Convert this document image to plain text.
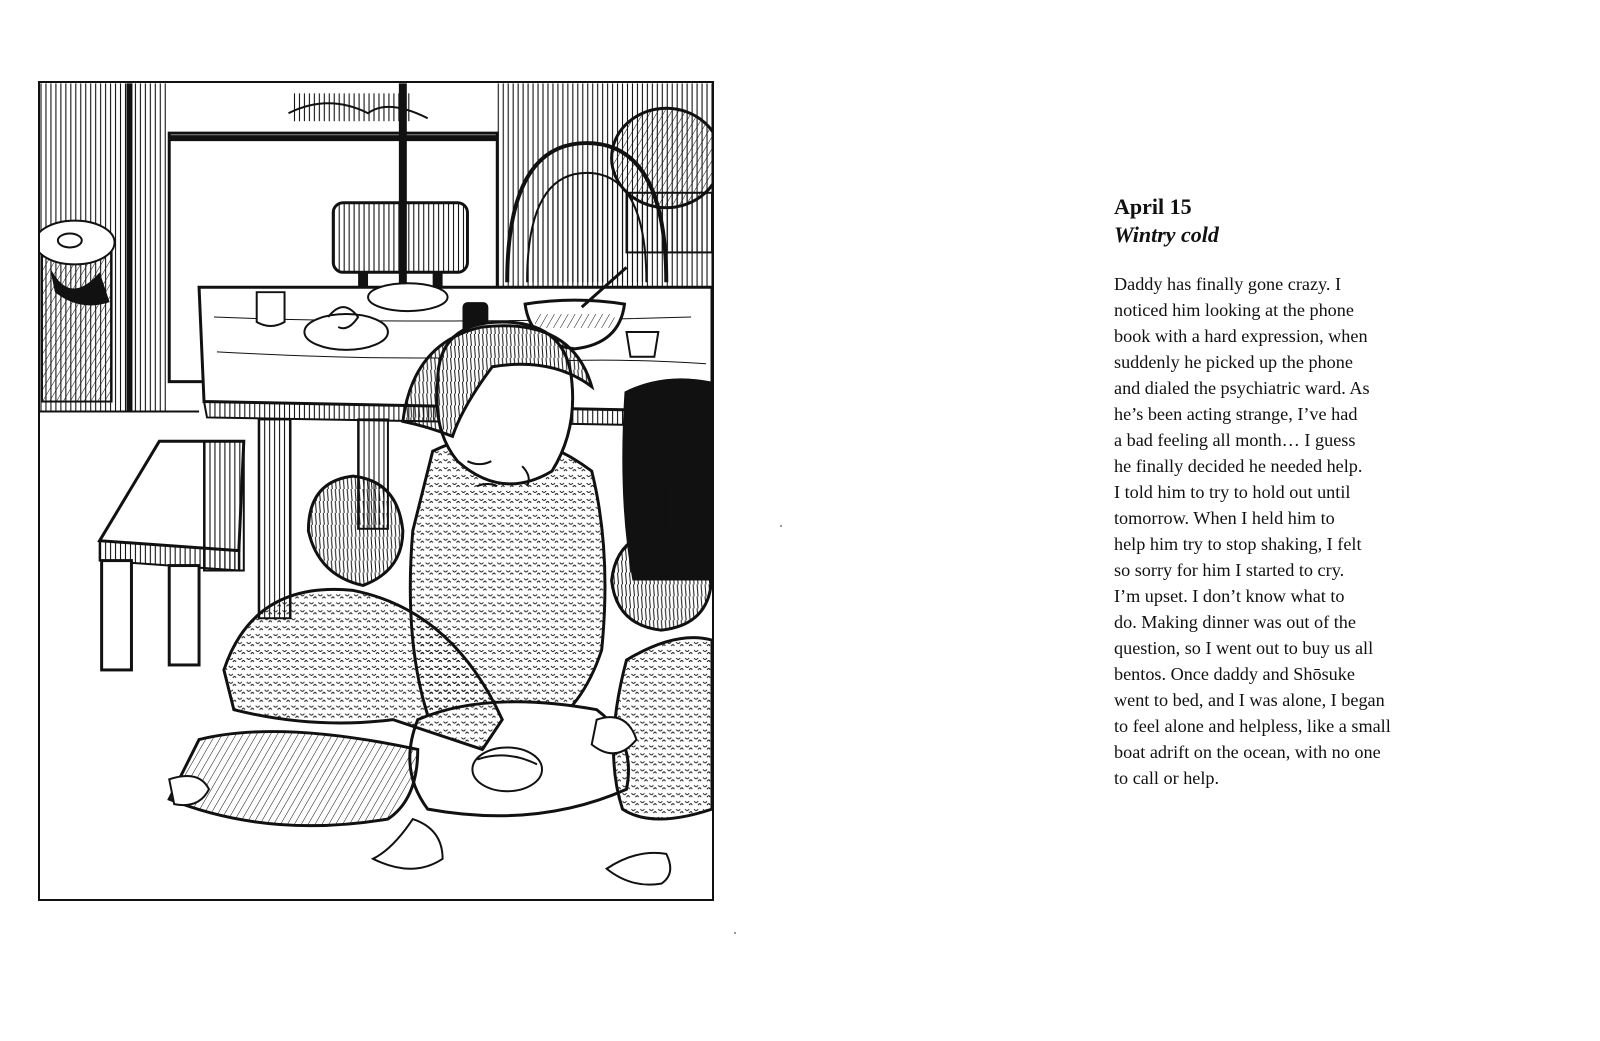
April 15

Wintry cold

Daddy has finally gone crazy. I
noticed him looking at the phone
book with a hard expression, when
suddenly he picked up the phone
and dialed the psychiatric ward. As
he’s been acting strange, I’ve had
a bad feeling all month… I guess
he finally decided he needed help.
I told him to try to hold out until
tomorrow. When I held him to
help him try to stop shaking, I felt
so sorry for him I started to cry.
I’m upset. I don’t know what to
do. Making dinner was out of the
question, so I went out to buy us all
bentos. Once daddy and Shōsuke
went to bed, and I was alone, I began
to feel alone and helpless, like a small
boat adrift on the ocean, with no one
to call or help.
